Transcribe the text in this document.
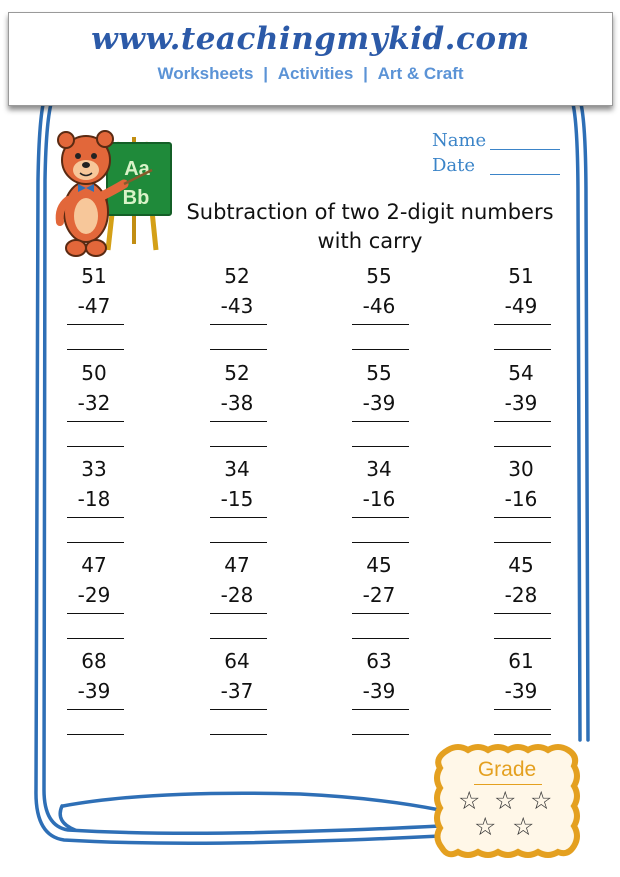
www.teachingmykid.com
Worksheets | Activities | Art & Craft
Aa
Bb
Name
Date
Subtraction of two 2-digit numbers
with carry
51
-47
52
-43
55
-46
51
-49
50
-32
52
-38
55
-39
54
-39
33
-18
34
-15
34
-16
30
-16
47
-29
47
-28
45
-27
45
-28
68
-39
64
-37
63
-39
61
-39
Grade
☆ ☆ ☆
☆ ☆
